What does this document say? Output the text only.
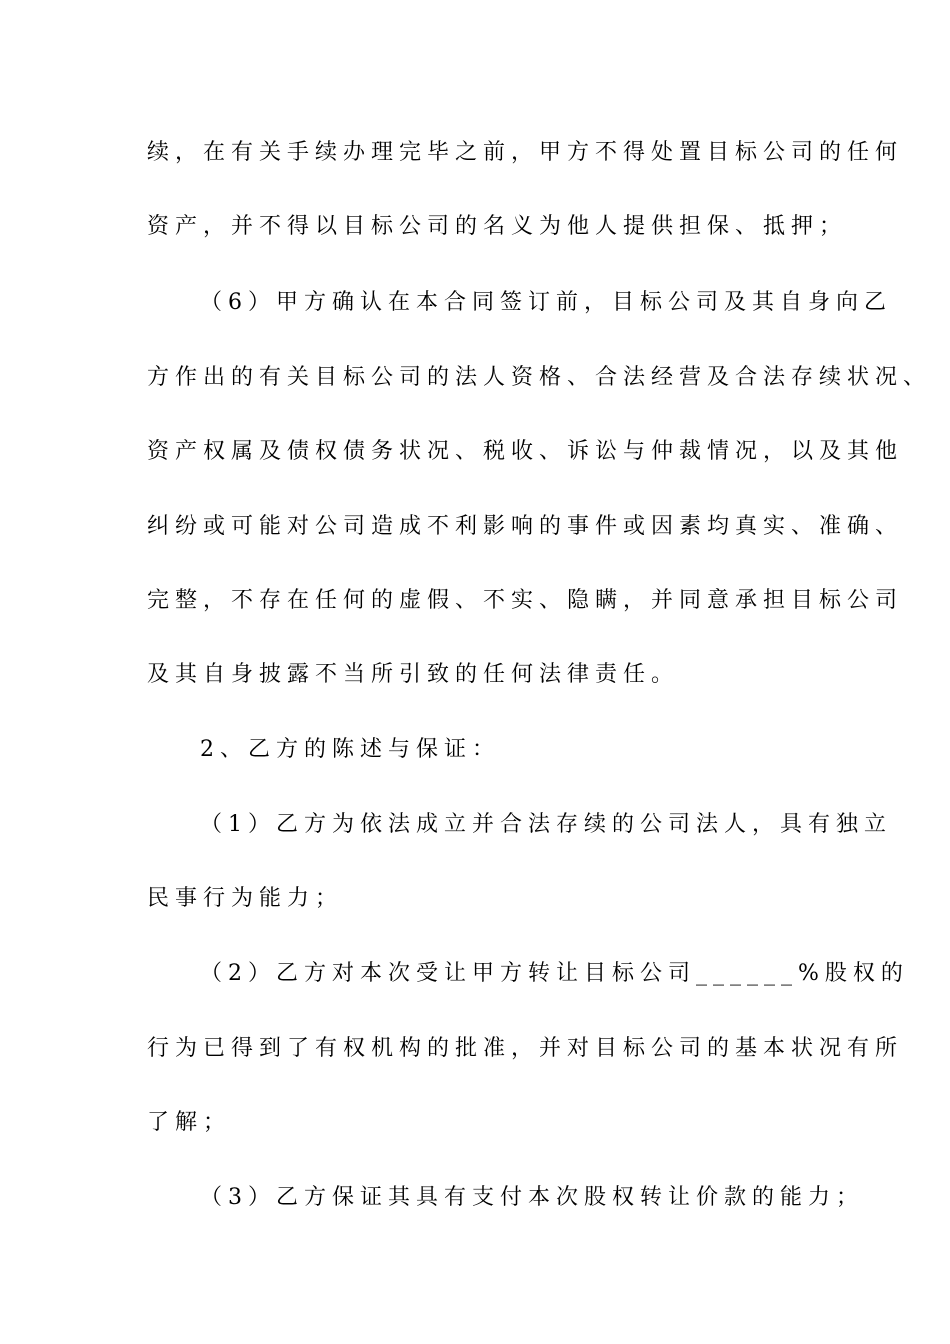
续，在有关手续办理完毕之前，甲方不得处置目标公司的任何
资产，并不得以目标公司的名义为他人提供担保、抵押；
（6）甲方确认在本合同签订前，目标公司及其自身向乙
方作出的有关目标公司的法人资格、合法经营及合法存续状况、
资产权属及债权债务状况、税收、诉讼与仲裁情况，以及其他
纠纷或可能对公司造成不利影响的事件或因素均真实、准确、
完整，不存在任何的虚假、不实、隐瞒，并同意承担目标公司
及其自身披露不当所引致的任何法律责任。
2、乙方的陈述与保证：
（1）乙方为依法成立并合法存续的公司法人，具有独立
民事行为能力；
（2）乙方对本次受让甲方转让目标公司______%股权的
行为已得到了有权机构的批准，并对目标公司的基本状况有所
了解；
（3）乙方保证其具有支付本次股权转让价款的能力；
